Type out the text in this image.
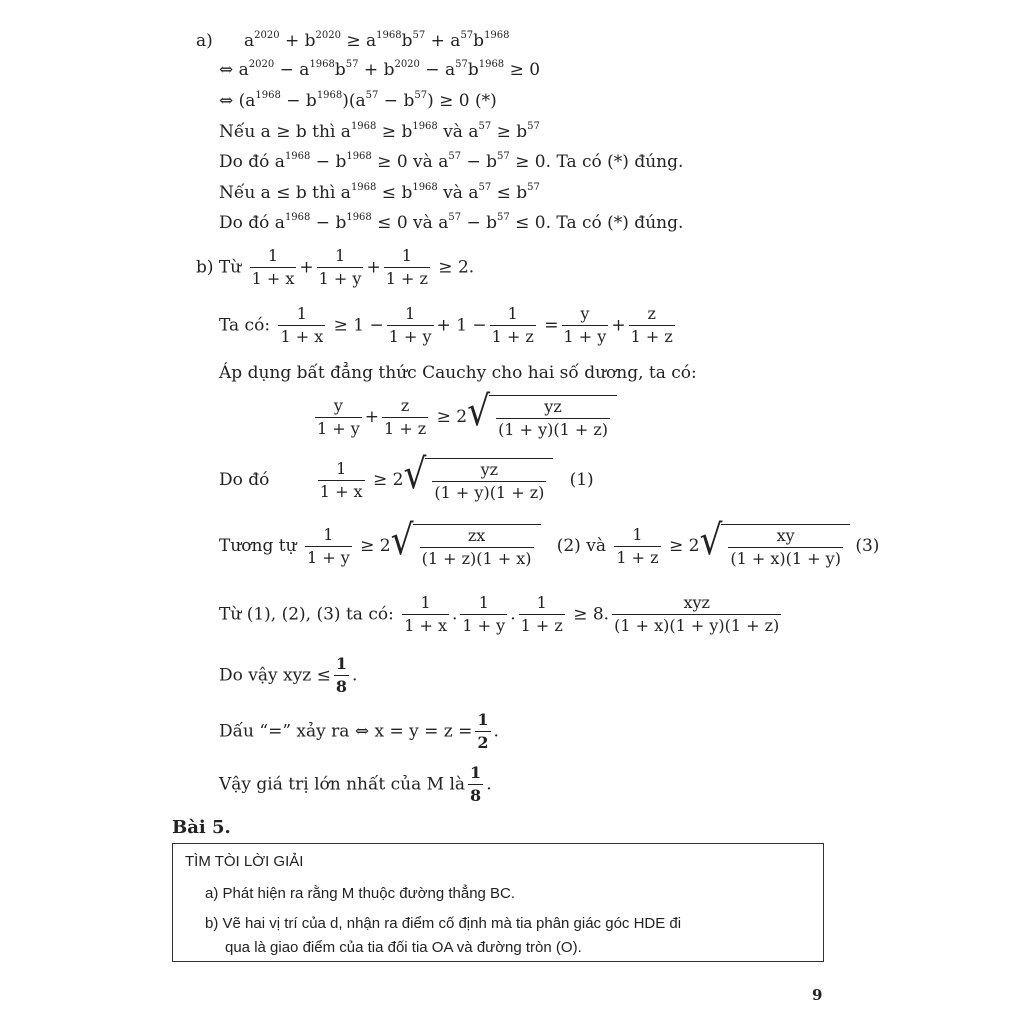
a) $a^{2020} + b^{2020} \ge a^{1968}b^{57} + a^{57}b^{1968}$
⇔ $a^{2020} - a^{1968}b^{57} + b^{2020} - a^{57}b^{1968} \ge 0$
⇔ $(a^{1968} - b^{1968})(a^{57} - b^{57}) \ge 0$ (*)
Nếu a ≥ b thì $a^{1968} \ge b^{1968}$ và $a^{57} \ge b^{57}$
Do đó $a^{1968} - b^{1968} \ge 0$ và $a^{57} - b^{57} \ge 0$. Ta có (*) đúng.
Nếu a ≤ b thì $a^{1968} \le b^{1968}$ và $a^{57} \le b^{57}$
Do đó $a^{1968} - b^{1968} \le 0$ và $a^{57} - b^{57} \le 0$. Ta có (*) đúng.
b) Từ $\frac{1}{1 + x} + \frac{1}{1 + y} + \frac{1}{1 + z} \ge 2$.
Ta có: $\frac{1}{1 + x} \ge 1 - \frac{1}{1 + y} + 1 - \frac{1}{1 + z} = \frac{y}{1 + y} + \frac{z}{1 + z}$
Áp dụng bất đẳng thức Cauchy cho hai số dương, ta có:
$\frac{y}{1 + y} + \frac{z}{1 + z} \ge 2$ √ $\frac{yz}{(1 + y)(1 + z)}$
Do đó	$\frac{1}{1 + x} \ge 2$ √ $\frac{yz}{(1 + y)(1 + z)} (1)$
Tương tự $\frac{1}{1 + y} \ge 2$ √ $\frac{zx}{(1 + z)(1 + x)} (2)$ và $\frac{1}{1 + z} \ge 2$ √ $\frac{xy}{(1 + x)(1 + y)} (3)$
Từ (1), (2), (3) ta có: $\frac{1}{1 + x}$ . $\frac{1}{1 + y}$ . $\frac{1}{1 + z} \ge 8$. $\frac{\text{xyz}}{(1 + x)(1 + y)(1 + z)}$
Do vậy xyz ≤ $\frac{1}{8}$ .
Dấu “=” xảy ra ⇔ $x = y = z = \frac{1}{2}$ .
Vậy giá trị lớn nhất của M là $\frac{1}{8}$ .
Bài 5.
TÌM TÒI LỜI GIẢI
a) Phát hiện ra rằng M thuộc đường thẳng BC.
b) Vẽ hai vị trí của d, nhận ra điểm cố định mà tia phân giác góc HDE đi
qua là giao điểm của tia đối tia OA và đường tròn (O).
9
